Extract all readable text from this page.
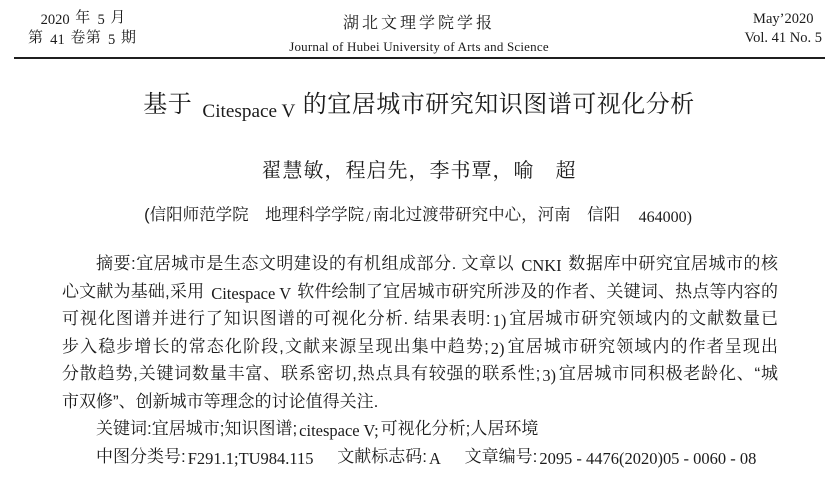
2020 年 5 月
第 41 卷第 5 期
湖北文理学院学报
Journal of Hubei University of Arts and Science
May’2020
Vol. 41 No. 5
基于 $_{Citespace V}$ 的宜居城市研究知识图谱可视化分析
翟慧敏，程启先，李书覃，喻　超
(信阳师范学院　地理科学学院 / 南北过渡带研究中心，河南　信阳　464000)
摘要:宜居城市是生态文明建设的有机组成部分. 文章以 CNKI 数据库中研究宜居城市的核
心文献为基础,采用 Citespace V 软件绘制了宜居城市研究所涉及的作者、关键词、热点等内容的
可视化图谱并进行了知识图谱的可视化分析. 结果表明: 1) 宜居城市研究领域内的文献数量已
步入稳步增长的常态化阶段,文献来源呈现出集中趋势; 2) 宜居城市研究领域内的作者呈现出
分散趋势,关键词数量丰富、联系密切,热点具有较强的联系性; 3) 宜居城市同积极老龄化、“城
市双修”、创新城市等理念的讨论值得关注.
关键词:宜居城市;知识图谱; citespace V; 可视化分析;人居环境
中图分类号: F291.1;TU984.115　 文献标志码: A　 文章编号: 2095 - 4476(2020)05 - 0060 - 08
